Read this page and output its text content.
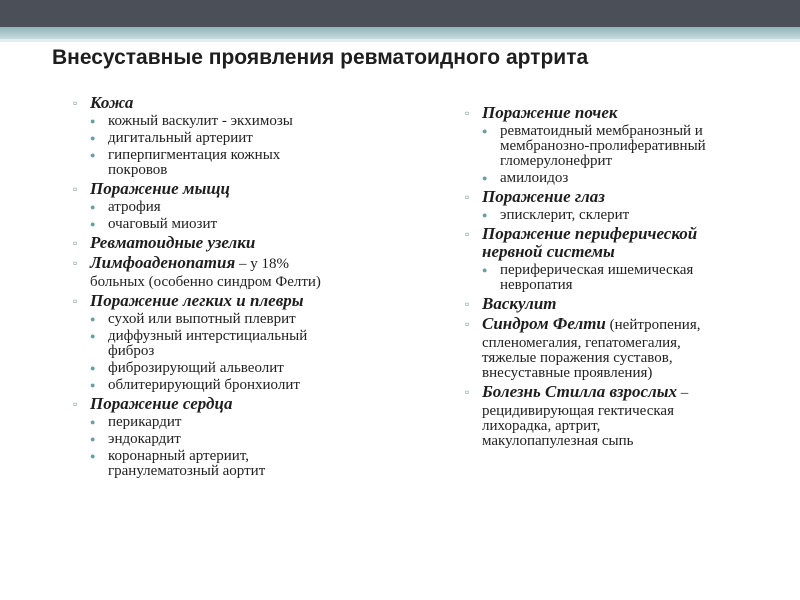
Внесуставные проявления ревматоидного артрита
▫ Кожа
● кожный васкулит - экхимозы
● дигитальный артериит
● гиперпигментация кожных
покровов
▫ Поражение мыщц
● атрофия
● очаговый миозит
▫ Ревматоидные узелки
▫ Лимфоаденопатия – у 18%
больных (особенно синдром Фелти)
▫ Поражение легких и плевры
● сухой или выпотный плеврит
● диффузный интерстициальный
фиброз
● фиброзирующий альвеолит
● облитерирующий бронхиолит
▫ Поражение сердца
● перикардит
● эндокардит
● коронарный артериит,
гранулематозный аортит
▫ Поражение почек
● ревматоидный мембранозный и
мембранозно-пролиферативный
гломерулонефрит
● амилоидоз
▫ Поражение глаз
● эписклерит, склерит
▫ Поражение периферической
нервной системы
● периферическая ишемическая
невропатия
▫ Васкулит
▫ Синдром Фелти (нейтропения,
спленомегалия, гепатомегалия,
тяжелые поражения суставов,
внесуставные проявления)
▫ Болезнь Стилла взрослых –
рецидивирующая гектическая
лихорадка, артрит,
макулопапулезная сыпь
